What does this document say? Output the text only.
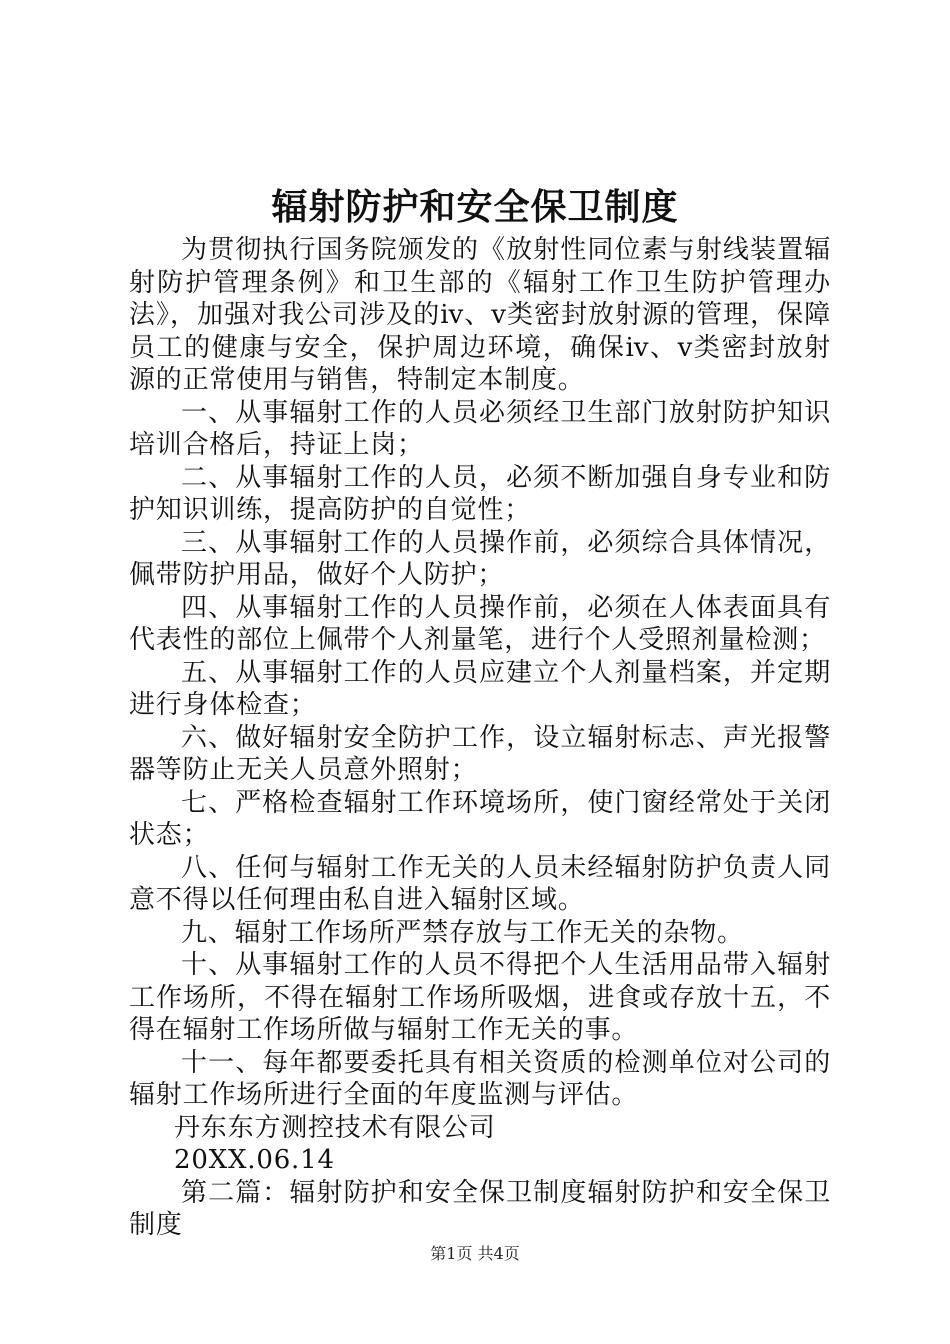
辐射防护和安全保卫制度

为贯彻执行国务院颁发的《放射性同位素与射线装置辐射防护管理条例》和卫生部的《辐射工作卫生防护管理办法》，加强对我公司涉及的ⅳ、ⅴ类密封放射源的管理，保障员工的健康与安全，保护周边环境，确保ⅳ、ⅴ类密封放射源的正常使用与销售，特制定本制度。

一、从事辐射工作的人员必须经卫生部门放射防护知识培训合格后，持证上岗；

二、从事辐射工作的人员，必须不断加强自身专业和防护知识训练，提高防护的自觉性；

三、从事辐射工作的人员操作前，必须综合具体情况，佩带防护用品，做好个人防护；

四、从事辐射工作的人员操作前，必须在人体表面具有代表性的部位上佩带个人剂量笔，进行个人受照剂量检测；

五、从事辐射工作的人员应建立个人剂量档案，并定期进行身体检查；

六、做好辐射安全防护工作，设立辐射标志、声光报警器等防止无关人员意外照射；

七、严格检查辐射工作环境场所，使门窗经常处于关闭状态；

八、任何与辐射工作无关的人员未经辐射防护负责人同意不得以任何理由私自进入辐射区域。

九、辐射工作场所严禁存放与工作无关的杂物。

十、从事辐射工作的人员不得把个人生活用品带入辐射工作场所，不得在辐射工作场所吸烟，进食或存放十五，不得在辐射工作场所做与辐射工作无关的事。

十一、每年都要委托具有相关资质的检测单位对公司的辐射工作场所进行全面的年度监测与评估。

丹东东方测控技术有限公司

20XX.06.14

第二篇：辐射防护和安全保卫制度辐射防护和安全保卫制度

第1页 共4页
